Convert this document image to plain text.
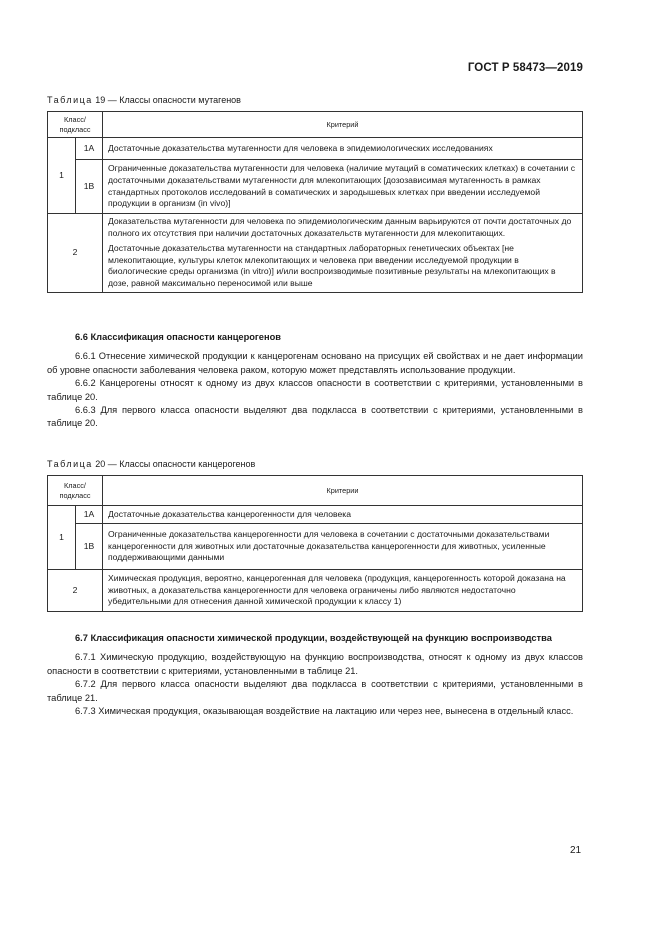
ГОСТ Р 58473—2019
Таблица 19 — Классы опасности мутагенов
Класс/ подкласс		Критерий
1	1A	Достаточные доказательства мутагенности для человека в эпидемиологических исследованиях
	1B	Ограниченные доказательства мутагенности для человека (наличие мутаций в соматических клетках) в сочетании с достаточными доказательствами мутагенности для млекопитающих [дозозависимая мутагенность в рамках стандартных протоколов исследований в соматических и зародышевых клетках при введении исследуемой продукции в организм (in vivo)]
2		Доказательства мутагенности для человека по эпидемиологическим данным варьируются от почти достаточных до полного их отсутствия при наличии достаточных доказательств мутагенности для млекопитающих.

Достаточные доказательства мутагенности на стандартных лабораторных генетических объектах [не млекопитающие, культуры клеток млекопитающих и человека при введении исследуемой продукции в биологические среды организма (in vitro)] и/или воспроизводимые позитивные результаты на млекопитающих в дозе, равной максимально переносимой или выше

6.6 Классификация опасности канцерогенов

6.6.1 Отнесение химической продукции к канцерогенам основано на присущих ей свойствах и не дает информации об уровне опасности заболевания человека раком, которую может представлять использование продукции.

6.6.2 Канцерогены относят к одному из двух классов опасности в соответствии с критериями, установленными в таблице 20.

6.6.3 Для первого класса опасности выделяют два подкласса в соответствии с критериями, установленными в таблице 20.

Таблица 20 — Классы опасности канцерогенов
Класс/ подкласс		Критерии
1	1A	Достаточные доказательства канцерогенности для человека
	1B	Ограниченные доказательства канцерогенности для человека в сочетании с достаточными доказательствами канцерогенности для животных или достаточные доказательства канцерогенности для животных, усиленные поддерживающими данными
2		Химическая продукция, вероятно, канцерогенная для человека (продукция, канцерогенность которой доказана на животных, а доказательства канцерогенности для человека ограничены либо являются недостаточно убедительными для отнесения данной химической продукции к классу 1)
6.7 Классификация опасности химической продукции, воздействующей на функцию воспроизводства

6.7.1 Химическую продукцию, воздействующую на функцию воспроизводства, относят к одному из двух классов опасности в соответствии с критериями, установленными в таблице 21.

6.7.2 Для первого класса опасности выделяют два подкласса в соответствии с критериями, установленными в таблице 21.

6.7.3 Химическая продукция, оказывающая воздействие на лактацию или через нее, вынесена в отдельный класс.

21
